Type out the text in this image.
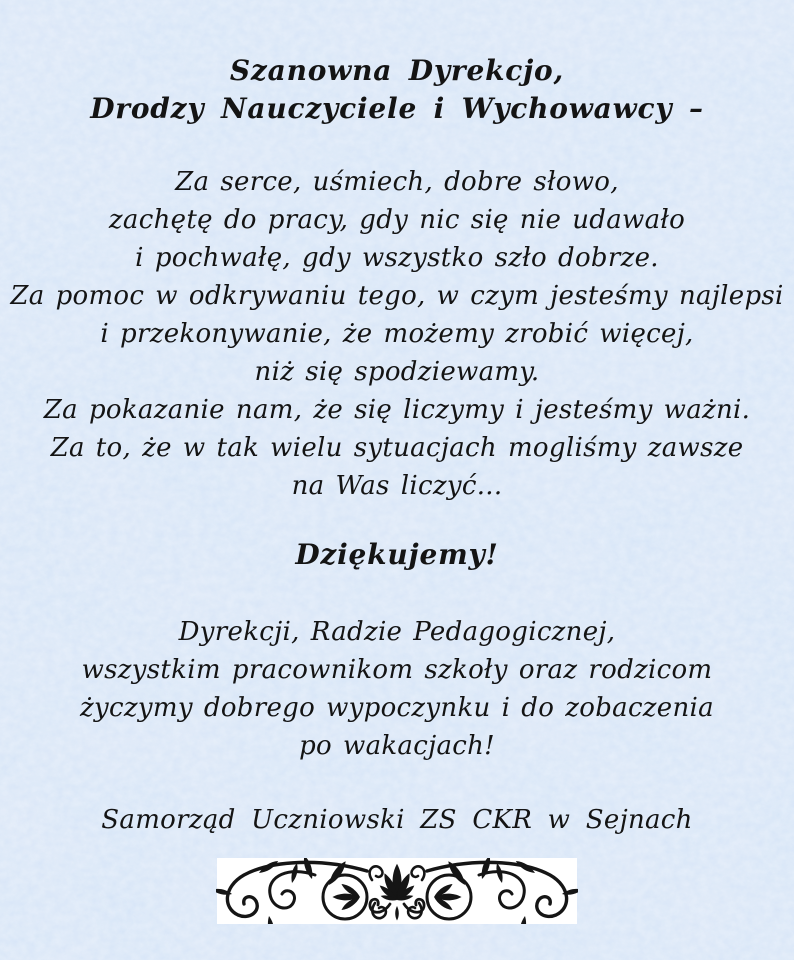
Szanowna Dyrekcjo,
Drodzy Nauczyciele i Wychowawcy –
Za serce, uśmiech, dobre słowo,
zachętę do pracy, gdy nic się nie udawało
i pochwałę, gdy wszystko szło dobrze.
Za pomoc w odkrywaniu tego, w czym jesteśmy najlepsi
i przekonywanie, że możemy zrobić więcej,
niż się spodziewamy.
Za pokazanie nam, że się liczymy i jesteśmy ważni.
Za to, że w tak wielu sytuacjach mogliśmy zawsze
na Was liczyć...
Dziękujemy!
Dyrekcji, Radzie Pedagogicznej,
wszystkim pracownikom szkoły oraz rodzicom
życzymy dobrego wypoczynku i do zobaczenia
po wakacjach!
Samorząd Uczniowski ZS CKR w Sejnach
